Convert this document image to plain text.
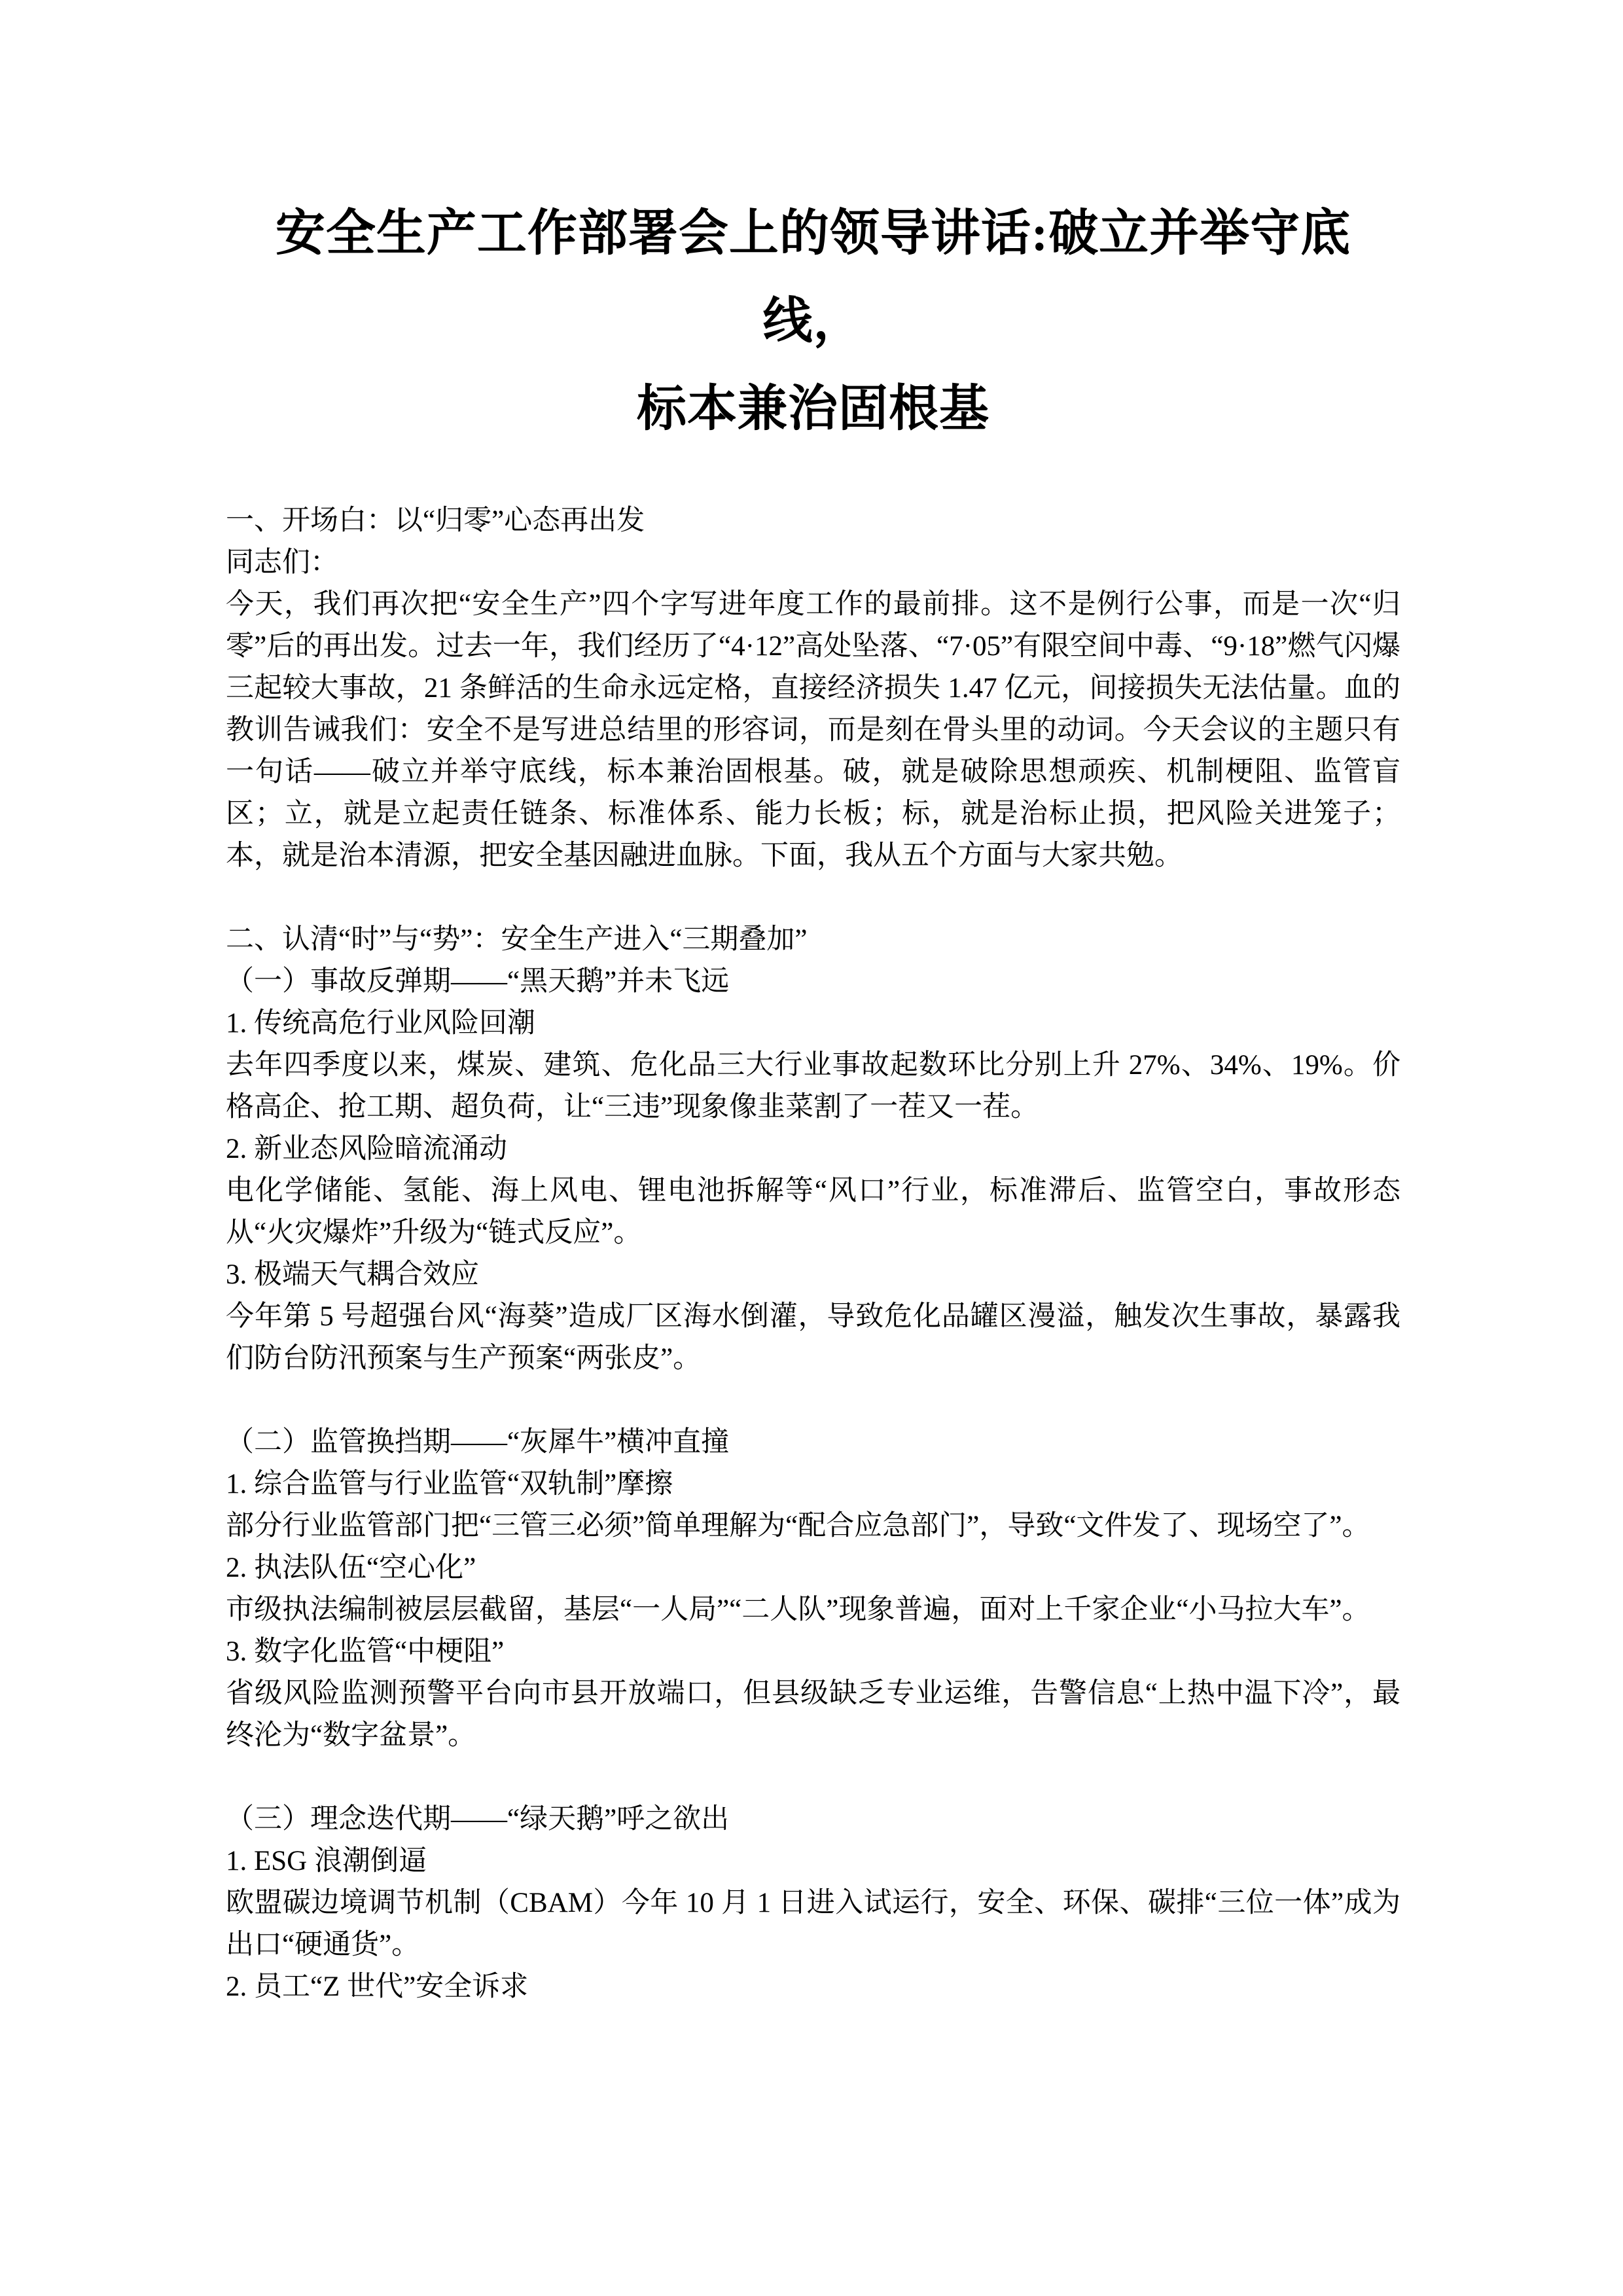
安全生产工作部署会上的领导讲话:破立并举守底线，
标本兼治固根基

一、开场白：以“归零”心态再出发

同志们：

今天，我们再次把“安全生产”四个字写进年度工作的最前排。这不是例行公事，而是一次“归零”后的再出发。过去一年，我们经历了“4·12”高处坠落、“7·05”有限空间中毒、“9·18”燃气闪爆三起较大事故，21 条鲜活的生命永远定格，直接经济损失 1.47 亿元，间接损失无法估量。血的教训告诫我们：安全不是写进总结里的形容词，而是刻在骨头里的动词。今天会议的主题只有一句话——破立并举守底线，标本兼治固根基。破，就是破除思想顽疾、机制梗阻、监管盲区；立，就是立起责任链条、标准体系、能力长板；标，就是治标止损，把风险关进笼子；本，就是治本清源，把安全基因融进血脉。下面，我从五个方面与大家共勉。

二、认清“时”与“势”：安全生产进入“三期叠加”

（一）事故反弹期——“黑天鹅”并未飞远

1. 传统高危行业风险回潮

去年四季度以来，煤炭、建筑、危化品三大行业事故起数环比分别上升 27%、34%、19%。价格高企、抢工期、超负荷，让“三违”现象像韭菜割了一茬又一茬。

2. 新业态风险暗流涌动

电化学储能、氢能、海上风电、锂电池拆解等“风口”行业，标准滞后、监管空白，事故形态从“火灾爆炸”升级为“链式反应”。

3. 极端天气耦合效应

今年第 5 号超强台风“海葵”造成厂区海水倒灌，导致危化品罐区漫溢，触发次生事故，暴露我们防台防汛预案与生产预案“两张皮”。

（二）监管换挡期——“灰犀牛”横冲直撞

1. 综合监管与行业监管“双轨制”摩擦

部分行业监管部门把“三管三必须”简单理解为“配合应急部门”，导致“文件发了、现场空了”。

2. 执法队伍“空心化”

市级执法编制被层层截留，基层“一人局”“二人队”现象普遍，面对上千家企业“小马拉大车”。

3. 数字化监管“中梗阻”

省级风险监测预警平台向市县开放端口，但县级缺乏专业运维，告警信息“上热中温下冷”，最终沦为“数字盆景”。

（三）理念迭代期——“绿天鹅”呼之欲出

1. ESG 浪潮倒逼

欧盟碳边境调节机制（CBAM）今年 10 月 1 日进入试运行，安全、环保、碳排“三位一体”成为出口“硬通货”。

2. 员工“Z 世代”安全诉求
